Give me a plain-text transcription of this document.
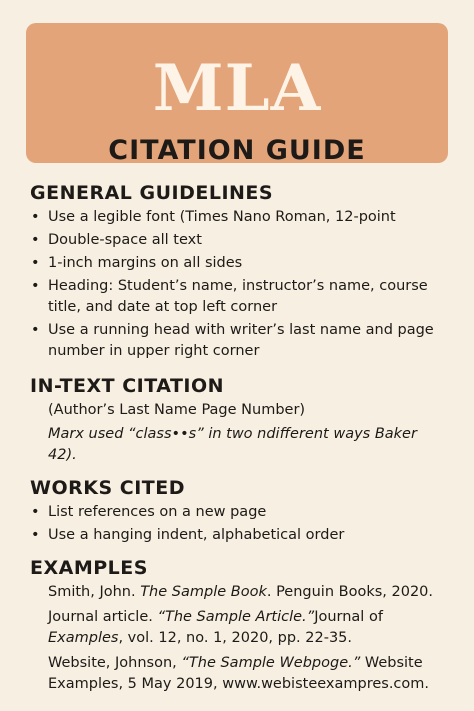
MLA
CITATION GUIDE
GENERAL GUIDELINES
• Use a legible font (Times Nano Roman, 12-point
• Double-space all text
• 1-inch margins on all sides
• Heading: Student’s name, instructor’s name, course title, and date at top left corner
• Use a running head with writer’s last name and page number in upper right corner
IN-TEXT CITATION
(Author’s Last Name Page Number)
Marx used “class••s” in two ndifferent ways Baker 42).
WORKS CITED
• List references on a new page
• Use a hanging indent, alphabetical order
EXAMPLES
Smith, John. The Sample Book. Penguin Books, 2020.
Journal article. “The Sample Article.”Journal of Examples, vol. 12, no. 1, 2020, pp. 22-35.
Website, Johnson, “The Sample Webpoge.” Website Examples, 5 May 2019, www.webisteexampres.com.
